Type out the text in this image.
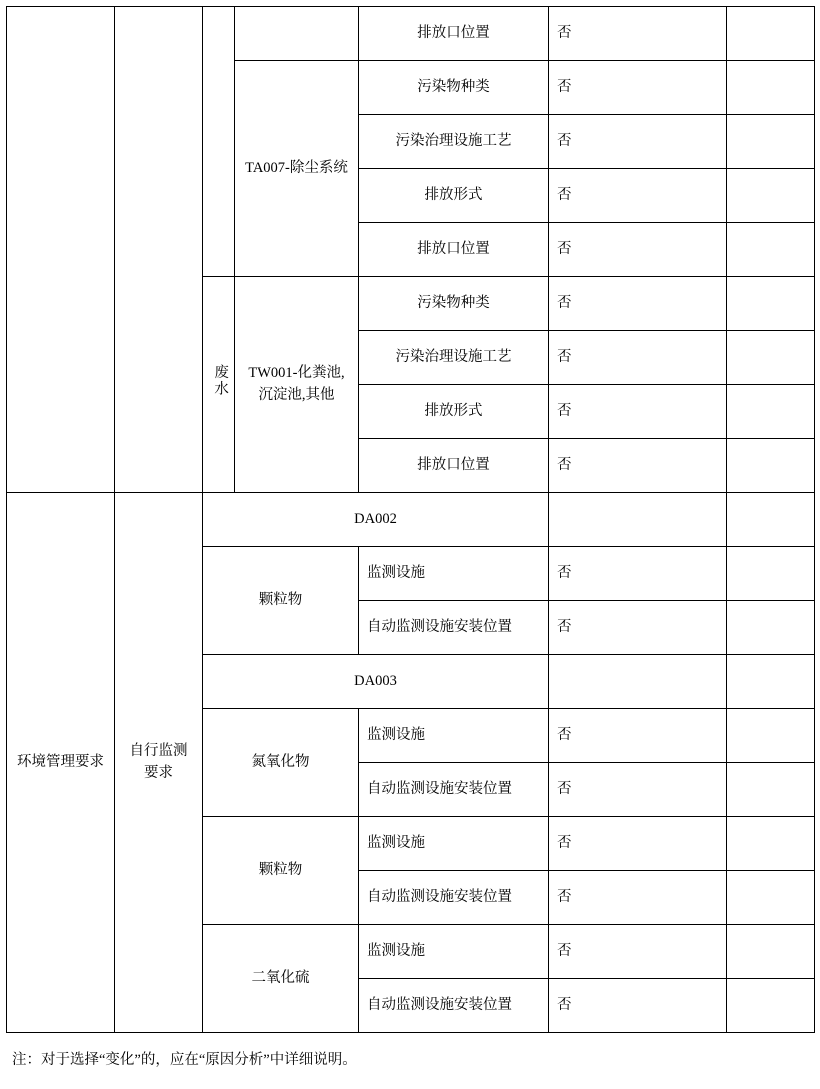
				排放口位置	否	
			TA007-除尘系统	污染物种类	否	
				污染治理设施工艺	否	
				排放形式	否	
				排放口位置	否	
		废水	TW001-化粪池,
沉淀池,其他	污染物种类	否	
				污染治理设施工艺	否	
				排放形式	否	
				排放口位置	否	

环境管理要求	自行监测要求	DA002				
		颗粒物		监测设施	否	
				自动监测设施安装位置	否	
		DA003				
		氮氧化物		监测设施	否	
				自动监测设施安装位置	否	
		颗粒物		监测设施	否	
				自动监测设施安装位置	否	
		二氧化硫		监测设施	否	
				自动监测设施安装位置	否	
注：对于选择“变化”的，应在“原因分析”中详细说明。
